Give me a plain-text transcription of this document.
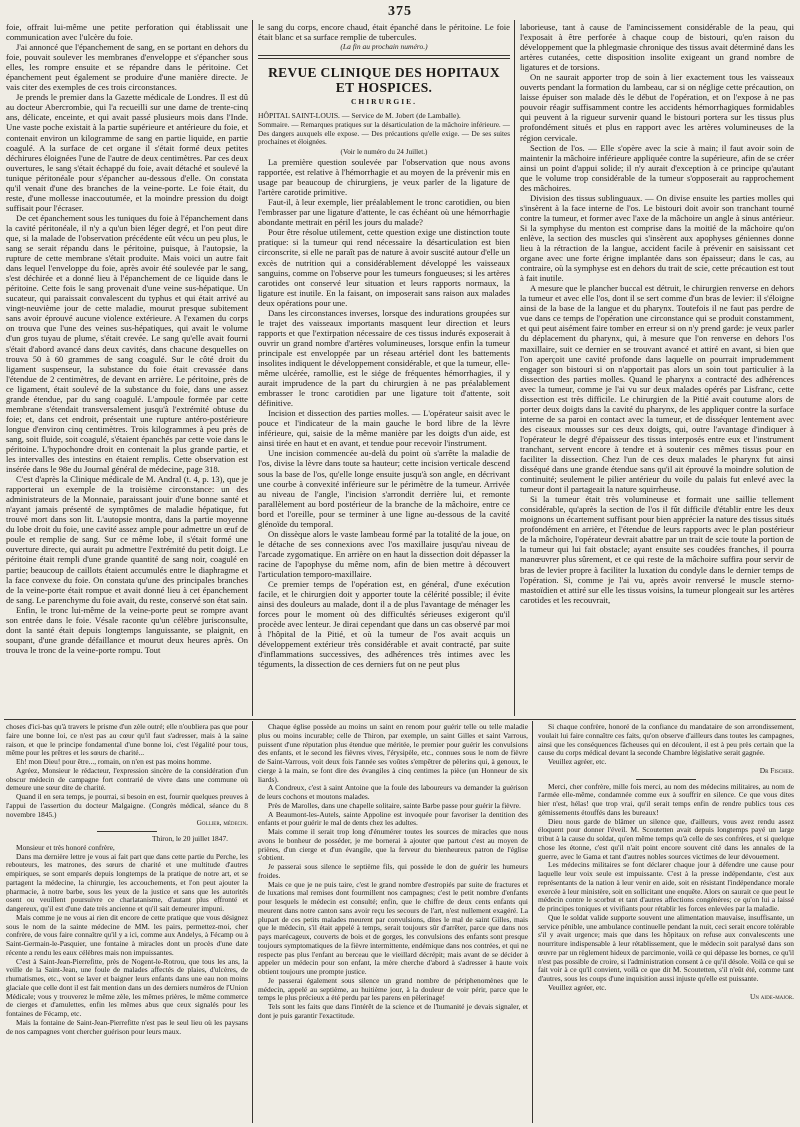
375

foie, offrait lui-même une petite perforation qui établissait une communication avec l'ulcère du foie.

J'ai annoncé que l'épanchement de sang, en se portant en dehors du foie, pouvait soulever les membranes d'enveloppe et s'épancher sous elles, les rompre ensuite et se répandre dans le péritoine. Cet épanchement peut également se produire d'une manière directe. Je vais citer des exemples de ces trois circonstances.

Je prends le premier dans la Gazette médicale de Londres. Il est dû au docteur Abercrombie, qui l'a recueilli sur une dame de trente-cinq ans, délicate, enceinte, et qui avait passé plusieurs mois dans l'Inde. Une vaste poche existait à la partie supérieure et antérieure du foie, et contenait environ un kilogramme de sang en partie liquide, en partie coagulé. A la surface de cet organe il s'était formé deux petites déchirures éloignées l'une de l'autre de deux centimètres. Par ces deux ouvertures, le sang s'était échappé du foie, avait détaché et soulevé la tunique péritonéale pour s'épancher au-dessous d'elle. On constata qu'il venait d'une des branches de la veine-porte. Le foie était, du reste, d'une mollesse inaccoutumée, et la moindre pression du doigt suffisait pour l'écraser.

De cet épanchement sous les tuniques du foie à l'épanchement dans la cavité péritonéale, il n'y a qu'un bien léger degré, et l'on peut dire que, si la malade de l'observation précédente eût vécu un peu plus, le sang se serait répandu dans le péritoine, puisque, à l'autopsie, la rupture de cette membrane s'était produite. Mais voici un autre fait dans lequel l'enveloppe du foie, après avoir été soulevée par le sang, s'est déchirée et a donné lieu à l'épanchement de ce liquide dans le péritoine. Cette fois le sang provenait d'une veine sus-hépatique. Un sucateur, qui paraissait convalescent du typhus et qui était arrivé au vingt-neuvième jour de cette maladie, mourut presque subitement sans avoir éprouvé aucune violence extérieure. A l'examen du corps on trouva que l'une des veines sus-hépatiques, qui avait le volume d'un gros tuyau de plume, s'était crevée. Le sang qu'elle avait fourni s'était d'abord avancé dans deux cavités, dans chacune desquelles on trouva 50 à 60 grammes de sang coagulé. Sur le côté droit du ligament suspenseur, la substance du foie était crevassée dans l'étendue de 2 centimètres, de devant en arrière. Le péritoine, près de ce ligament, était soulevé de la substance du foie, dans une assez grande étendue, par du sang coagulé. L'ampoule formée par cette membrane s'étendait transversalement jusqu'à l'extrémité obtuse du foie; et, dans cet endroit, présentait une rupture antéro-postérieure longue d'environ cinq centimètres. Trois kilogrammes à peu près de sang, soit fluide, soit coagulé, s'étaient épanchés par cette voie dans le péritoine. L'hypochondre droit en contenait la plus grande partie, et les intervalles des intestins en étaient remplis. Cette observation est insérée dans le 98e du Journal général de médecine, page 318.

C'est d'après la Clinique médicale de M. Andral (t. 4, p. 13), que je rapporterai un exemple de la troisième circonstance: un des administrateurs de la Monnaie, paraissant jouir d'une bonne santé et n'ayant jamais présenté de symptômes de maladie hépatique, fut trouvé mort dans son lit. L'autopsie montra, dans la partie moyenne du lobe droit du foie, une cavité assez ample pour admettre un œuf de poule et remplie de sang. Sur ce même lobe, il s'était formé une ouverture directe, qui aurait pu admettre l'extrémité du petit doigt. Le péritoine était rempli d'une grande quantité de sang noir, coagulé en partie; beaucoup de caillots étaient accumulés entre le diaphragme et la face convexe du foie. On constata qu'une des principales branches de la veine-porte était rompue et avait donné lieu à cet épanchement de sang. Le parenchyme du foie avait, du reste, conservé son état sain.

Enfin, le tronc lui-même de la veine-porte peut se rompre avant son entrée dans le foie. Vésale raconte qu'un célèbre jurisconsulte, dont la santé était depuis longtemps languissante, se plaignit, en soupant, d'une grande défaillance et mourut deux heures après. On trouva le tronc de la veine-porte rompu. Tout

le sang du corps, encore chaud, était épanché dans le péritoine. Le foie était blanc et sa surface remplie de tubercules.

(La fin au prochain numéro.)

REVUE CLINIQUE DES HOPITAUX ET HOSPICES.
CHIRURGIE.

HÔPITAL SAINT-LOUIS. — Service de M. Jobert (de Lamballe).

Sommaire. — Remarques pratiques sur la désarticulation de la mâchoire inférieure. — Des dangers auxquels elle expose. — Des précautions qu'elle exige. — De ses suites prochaines et éloignées.

(Voir le numéro du 24 Juillet.)

La première question soulevée par l'observation que nous avons rapportée, est relative à l'hémorrhagie et au moyen de la prévenir mis en usage par beaucoup de chirurgiens, je veux parler de la ligature de l'artère carotide primitive.

Faut-il, à leur exemple, lier préalablement le tronc carotidien, ou bien l'embrasser par une ligature d'attente, le cas échéant où une hémorrhagie abondante mettrait en péril les jours du malade?

Pour être résolue utilement, cette question exige une distinction toute pratique: si la tumeur qui rend nécessaire la désarticulation est bien circonscrite, si elle ne paraît pas de nature à avoir suscité autour d'elle un excès de nutrition qui a considérablement développé les vaisseaux sanguins, comme on l'observe pour les tumeurs fongueuses; si les artères carotides ont conservé leur situation et leurs rapports normaux, la ligature est inutile. En la faisant, on imposerait sans raison aux malades deux opérations pour une.

Dans les circonstances inverses, lorsque des indurations groupées sur le trajet des vaisseaux importants masquent leur direction et leurs rapports et que l'extirpation nécessaire de ces tissus indurés exposerait à ouvrir un grand nombre d'artères volumineuses, lorsque enfin la tumeur principale est enveloppée par un réseau artériel dont les battements insolites indiquent le développement considérable, et que la tumeur, elle-même ulcérée, ramollie, est le siége de fréquentes hémorrhagies, il y aurait imprudence de la part du chirurgien à ne pas préalablement embrasser le tronc carotidien par une ligature toit d'attente, soit définitive.

Incision et dissection des parties molles. — L'opérateur saisit avec le pouce et l'indicateur de la main gauche le bord libre de la lèvre inférieure, qui, saisie de la même manière par les doigts d'un aide, est ainsi tirée en haut et en avant, et tendue pour recevoir l'instrument.

Une incision commencée au-delà du point où s'arrête la maladie de l'os, divise la lèvre dans toute sa hauteur; cette incision verticale descend sous la base de l'os, qu'elle longe ensuite jusqu'à son angle, en décrivant une courbe à convexité inférieure sur le périmètre de la tumeur. Arrivée au niveau de l'angle, l'incision s'arrondit derrière lui, et remonte parallèlement au bord postérieur de la branche de la mâchoire, entre ce bord et l'oreille, pour se terminer à une ligne au-dessous de la cavité glénoïde du temporal.

On dissèque alors le vaste lambeau formé par la totalité de la joue, on le détache de ses connexions avec l'os maxillaire jusqu'au niveau de l'arcade zygomatique. En arrière on en haut la dissection doit dépasser la racine de l'apophyse du même nom, afin de bien mettre à découvert l'articulation temporo-maxillaire.

Ce premier temps de l'opération est, en général, d'une exécution facile, et le chirurgien doit y apporter toute la célérité possible; il évite ainsi des douleurs au malade, dont il a de plus l'avantage de ménager les forces pour le moment où des difficultés sérieuses exigeront qu'il procède avec lenteur. Je dirai cependant que dans un cas observé par moi à l'hôpital de la Pitié, et où la tumeur de l'os avait acquis un développement extérieur très considérable et avait contracté, par suite d'inflammations successives, des adhérences très intimes avec les téguments, la dissection de ces derniers fut on ne peut plus

laborieuse, tant à cause de l'amincissement considérable de la peau, qui l'exposait à être perforée à chaque coup de bistouri, qu'en raison du développement que la phlegmasie chronique des tissus avait déterminé dans les artères cutanées, cette disposition insolite exigeant un grand nombre de ligatures et de torsions.

On ne saurait apporter trop de soin à lier exactement tous les vaisseaux ouverts pendant la formation du lambeau, car si on néglige cette précaution, on laisse épuiser son malade dès le début de l'opération, et on l'expose à ne pas pouvoir réagir suffisamment contre les accidents hémorrhagiques formidables qui peuvent à la rigueur survenir quand le bistouri portera sur les tissus plus profondément situés et plus en rapport avec les artères volumineuses de la région cervicale.

Section de l'os. — Elle s'opère avec la scie à main; il faut avoir soin de maintenir la mâchoire inférieure appliquée contre la supérieure, afin de se créer ainsi un point d'appui solide; il n'y aurait d'exception à ce principe qu'autant que le volume trop considérable de la tumeur s'opposerait au rapprochement des mâchoires.

Division des tissus sublinguaux. — On divise ensuite les parties molles qui s'insèrent à la face interne de l'os. Le bistouri doit avoir son tranchant tourné contre la tumeur, et former avec l'axe de la mâchoire un angle à sinus antérieur. Si la symphyse du menton est comprise dans la moitié de la mâchoire qu'on enlève, la section des muscles qui s'insèrent aux apophyses géniennes donne lieu à la rétraction de la langue, accident facile à prévenir en saisissant cet organe avec une forte érigne implantée dans son épaisseur; dans le cas, au contraire, où la symphyse est en dehors du trait de scie, cette précaution est tout à fait inutile.

A mesure que le plancher buccal est détruit, le chirurgien renverse en dehors la tumeur et avec elle l'os, dont il se sert comme d'un bras de levier: il s'éloigne ainsi de la base de la langue et du pharynx. Toutefois il ne faut pas perdre de vue dans ce temps de l'opération une circonstance qui se produit constamment, et qui peut aisément faire tomber en erreur si on n'y prend garde: je veux parler du déplacement du pharynx, qui, à mesure que l'on renverse en dehors l'os maxillaire, suit ce dernier en se trouvant avancé et attiré en avant, si bien que l'on aperçoit une cavité profonde dans laquelle on pourrait imprudemment engager son bistouri si on n'apportait pas alors un soin tout particulier à la dissection des parties molles. Quand le pharynx a contracté des adhérences avec la tumeur, comme je l'ai vu sur deux malades opérés par Lisfranc, cette dissection est très difficile. Le chirurgien de la Pitié avait coutume alors de porter deux doigts dans la cavité du pharynx, de les appliquer contre la surface interne de sa paroi en contact avec la tumeur, et de disséquer lentement avec des ciseaux mousses sur ces deux doigts, qui, outre l'avantage d'indiquer à l'opérateur le degré d'épaisseur des tissus interposés entre eux et l'instrument tranchant, servent encore à tendre et à soutenir ces mêmes tissus pour en faciliter la dissection. Chez l'un de ces deux malades le pharynx fut ainsi disséqué dans une grande étendue sans qu'il ait éprouvé la moindre solution de continuité; seulement le pilier antérieur du voile du palais fut enlevé avec la tumeur dont il partageait la nature squirrheuse.

Si la tumeur était très volumineuse et formait une saillie tellement considérable, qu'après la section de l'os il fût difficile d'établir entre les deux moignons un écartement suffisant pour bien apprécier la nature des tissus situés profondément en arrière, et l'étendue de leurs rapports avec le plan postérieur de la mâchoire, l'opérateur devrait abattre par un trait de scie toute la portion de la tumeur qui lui fait obstacle; ayant ensuite ses coudées franches, il pourra manœuvrer plus sûrement, et ce qui reste de la mâchoire suffira pour servir de bras de levier propre à faciliter la luxation du condyle dans le dernier temps de l'opération. Si, comme je l'ai vu, après avoir renversé le muscle sterno-mastoïdien et attiré sur elle les tissus voisins, la tumeur plongeait sur les artères carotides et les recouvrait,

choses d'ici-bas qu'à travers le prisme d'un zèle outré; elle n'oubliera pas que pour faire une bonne loi, ce n'est pas au cœur qu'il faut s'adresser, mais à la saine raison, et que le principe fondamental d'une bonne loi, c'est l'égalité pour tous, même pour les prêtres et les sœurs de charité...

Eh! mon Dieu! pour être..., romain, on n'en est pas moins homme.

Agréez, Monsieur le rédacteur, l'expression sincère de la considération d'un obscur médecin de campagne fort contrarié de vivre dans une commune où demeure une sœur dite de charité.

Quand il en sera temps, je pourrai, si besoin en est, fournir quelques preuves à l'appui de l'assertion du docteur Malgaigne. (Congrès médical, séance du 8 novembre 1845.)

Gollier, médecin.

Thiron, le 20 juillet 1847.

Monsieur et très honoré confrère,

Dans ma dernière lettre je vous ai fait part que dans cette partie du Perche, les rebouteurs, les matrones, des sœurs de charité et une multitude d'autres empiriques, se sont emparés depuis longtemps de la pratique de notre art, et se partagent la médecine, la chirurgie, les accouchements, et l'on peut ajouter la pharmacie, à notre barbe, sous les yeux de la justice et sans que les autorités osent ou veuillent poursuivre ce charlatanisme, d'autant plus effronté et dangereux, qu'il est d'une date très ancienne et qu'il sait demeurer impuni.

Mais comme je ne vous ai rien dit encore de cette pratique que vous désignez sous le nom de la sainte médecine de MM. les pairs, permettez-moi, cher confrère, de vous faire connaître qu'il y a ici, comme aux Andelys, à Fécamp ou à Saint-Germain-le-Pasquier, une fontaine à miracles dont un procès d'une date récente a rendu les eaux célèbres mais non impuissantes.

C'est à Saint-Jean-Pierrefitte, près de Nogent-le-Rotrou, que tous les ans, la veille de la Saint-Jean, une foule de malades affectés de plaies, d'ulcères, de rhumatismes, etc., vont se laver et baigner leurs enfants dans une eau non moins glaciale que celle dont il est fait mention dans un des derniers numéros de l'Union Médicale; vous y trouverez le même zèle, les mêmes prières, le même commerce de cierges et d'amulettes, enfin les mêmes abus que ceux signalés pour les fontaines de Fécamp, etc.

Mais la fontaine de Saint-Jean-Pierrefitte n'est pas le seul lieu où les paysans de nos campagnes vont chercher guérison pour leurs maux.

Chaque église possède au moins un saint en renom pour guérir telle ou telle maladie plus ou moins incurable; celle de Thiron, par exemple, un saint Gilles et saint Varrous, puissent d'une réputation plus étendue que méritée, le premier pour guérir les convulsions des enfants, et le second les fièvres vives, l'érysipèle, etc., connues sous le nom de fièvre de Saint-Varrous, voit deux fois l'année ses voûtes s'empêtrer de pèlerins qui, à genoux, le cierge à la main, se font dire des évangiles à cinq centimes la pièce (un Honneur de six liards).

A Condreux, c'est à saint Antoine que la foule des laboureurs va demander la guérison de leurs cochons et moutons malades.

Près de Marolles, dans une chapelle solitaire, sainte Barbe passe pour guérir la fièvre.

A Beaumont-les-Autels, sainte Appoline est invoquée pour favoriser la dentition des enfants et pour guérir le mal de dents chez les adultes.

Mais comme il serait trop long d'énumérer toutes les sources de miracles que nous avons le bonheur de posséder, je me bornerai à ajouter que partout c'est au moyen de prières, d'un cierge et d'un évangile, que la ferveur du bienheureux patron de l'église s'obtient.

Je passerai sous silence le septième fils, qui possède le don de guérir les humeurs froides.

Mais ce que je ne puis taire, c'est le grand nombre d'estropiés par suite de fractures et de luxations mal remises dont fourmillent nos campagnes; c'est le petit nombre d'enfants pour lesquels le médecin est consulté; enfin, que le chiffre de deux cents enfants qui meurent dans notre canton sans avoir reçu les secours de l'art, n'est nullement exagéré. La plupart de ces petits malades meurent par convulsions, dites le mal de saint Gilles, mais que le médecin, s'il était appelé à temps, serait toujours sûr d'arrêter, parce que dans nos pays marécageux, couverts de bois et de gorges, les convulsions des enfants sont presque toujours symptomatiques de la fièvre intermittente, endémique dans nos contrées, et qui ne respecte pas plus l'enfant au berceau que le vieillard décrépit; mais avant de se décider à appeler un médecin pour son enfant, la mère cherche d'abord à s'adresser à haute voix obtient toujours une prompte justice.

Je passerai également sous silence un grand nombre de périphenomènes que le médecin, appelé au septième, au huitième jour, à la douleur de voir périr, parce que le temps le plus précieux a été perdu par les parens en pèlerinage!

Tels sont les faits que dans l'intérêt de la science et de l'humanité je devais signaler, et dont je puis garantir l'exactitude.

Si chaque confrère, honoré de la confiance du mandataire de son arrondissement, voulait lui faire connaître ces faits, qu'on observe d'ailleurs dans toutes les campagnes, ainsi que les conséquences fâcheuses qui en découlent, il est à peu près certain que la cause du corps médical devant la seconde Chambre législative serait gagnée.

Veuillez agréer, etc.

Dr Fischer.

Merci, cher confrère, mille fois merci, au nom des médecins militaires, au nom de l'armée elle-même, condamnée comme eux à souffrir en silence. Ce que vous dites hier n'est, hélas! que trop vrai, qu'il serait temps enfin de rendre publics tous ces gémissements étouffés dans les bureaux!

Dieu nous garde de blâmer un silence que, d'ailleurs, vous avez rendu assez éloquent pour donner l'éveil. M. Scoutetten avait depuis longtemps payé un large tribut à la cause du soldat, qu'en même temps qu'à celle de ses confrères, et si quelque chose les étonne, c'est qu'il n'ait point encore souvent cité dans les annales de la guerre, avec le Gama et tant d'autres nobles sources victimes de leur dévouement.

Les médecins militaires se font déclarer chaque jour à défendre une cause pour laquelle leur voix seule est impuissante. C'est à la presse indépendante, c'est aux représentants de la nation à leur venir en aide, soit en résistant l'indépendance morale exercée à leur ministère, soit en sollicitant une enquête. Alors on saurait ce que peut le médecin contre le scorbut et tant d'autres affections congénères; ce qu'on lui a laissé de principes toniques et vivifiants pour rétablir les forces enlevées par la maladie.

Que le soldat valide supporte souvent une alimentation mauvaise, insuffisante, un service pénible, une ambulance continuelle pendant la nuit, ceci serait encore tolérable s'il y avait urgence; mais que dans les hôpitaux on refuse aux convalescents une nourriture indispensable à leur rétablissement, que le médecin soit paralysé dans son œuvre par un règlement hideux de parcimonie, voilà ce qui dépasse les bornes, ce qu'il n'est pas possible de croire, si l'administration consent à ce qu'il désole. Voilà ce qui se fait voir à ce qu'il convient, voilà ce que dit M. Scoutetten, s'il n'eût été, comme tant d'autres, sous les coups d'une inquisition aussi injuste qu'elle est puissante.

Veuillez agréer, etc.

Un aide-major.
